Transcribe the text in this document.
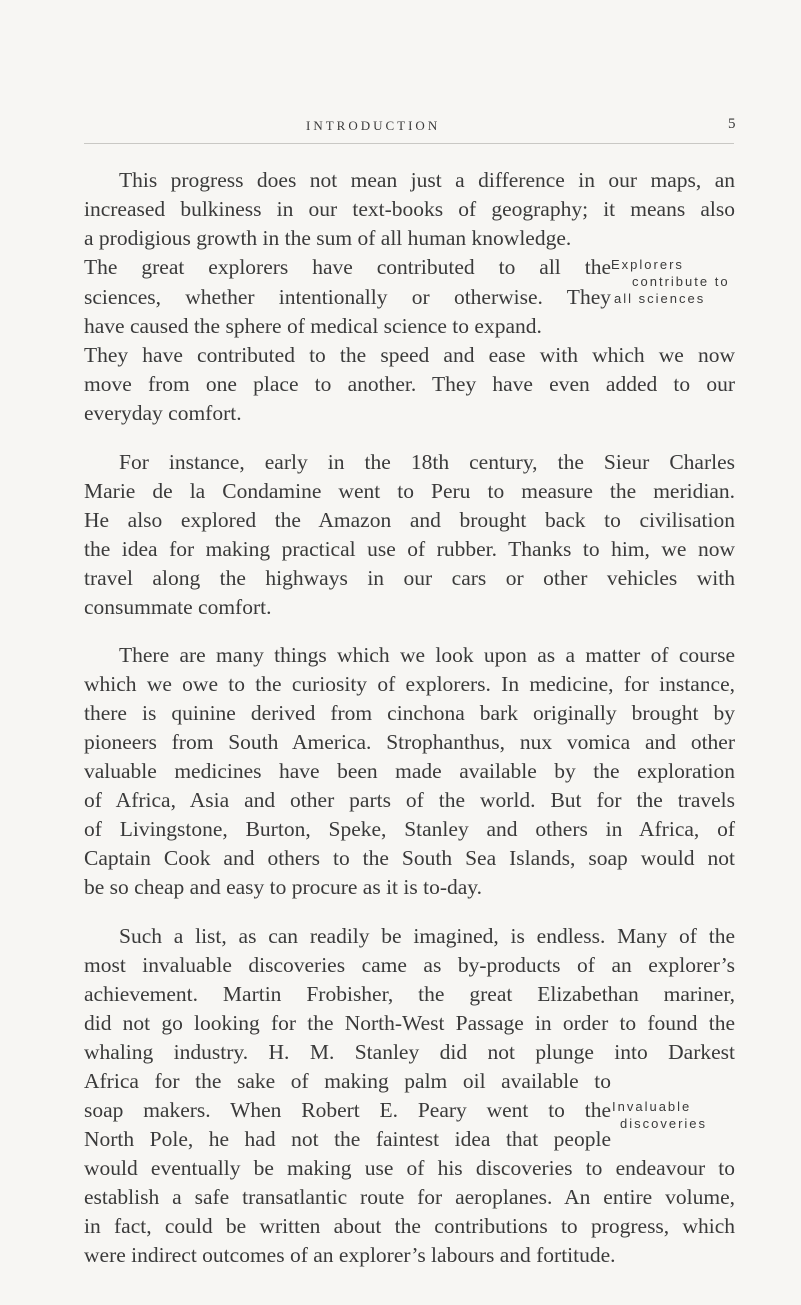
INTRODUCTION	5
This progress does not mean just a difference in our maps, an
increased bulkiness in our text-books of geography; it means also
a prodigious growth in the sum of all human knowledge.
The great explorers have contributed to all the
sciences, whether intentionally or otherwise. They
have caused the sphere of medical science to expand.
They have contributed to the speed and ease with which we now
move from one place to another. They have even added to our
everyday comfort.
For instance, early in the 18th century, the Sieur Charles
Marie de la Condamine went to Peru to measure the meridian.
He also explored the Amazon and brought back to civilisation
the idea for making practical use of rubber. Thanks to him, we now
travel along the highways in our cars or other vehicles with
consummate comfort.
There are many things which we look upon as a matter of course
which we owe to the curiosity of explorers. In medicine, for instance,
there is quinine derived from cinchona bark originally brought by
pioneers from South America. Strophanthus, nux vomica and other
valuable medicines have been made available by the exploration
of Africa, Asia and other parts of the world. But for the travels
of Livingstone, Burton, Speke, Stanley and others in Africa, of
Captain Cook and others to the South Sea Islands, soap would not
be so cheap and easy to procure as it is to-day.
Such a list, as can readily be imagined, is endless. Many of the
most invaluable discoveries came as by-products of an explorer’s
achievement. Martin Frobisher, the great Elizabethan mariner,
did not go looking for the North-West Passage in order to found the
whaling industry. H. M. Stanley did not plunge into Darkest
Africa for the sake of making palm oil available to
soap makers. When Robert E. Peary went to the
North Pole, he had not the faintest idea that people
would eventually be making use of his discoveries to endeavour to
establish a safe transatlantic route for aeroplanes. An entire volume,
in fact, could be written about the contributions to progress, which
were indirect outcomes of an explorer’s labours and fortitude.
Explorers
contribute to
all sciences
Invaluable
discoveries
